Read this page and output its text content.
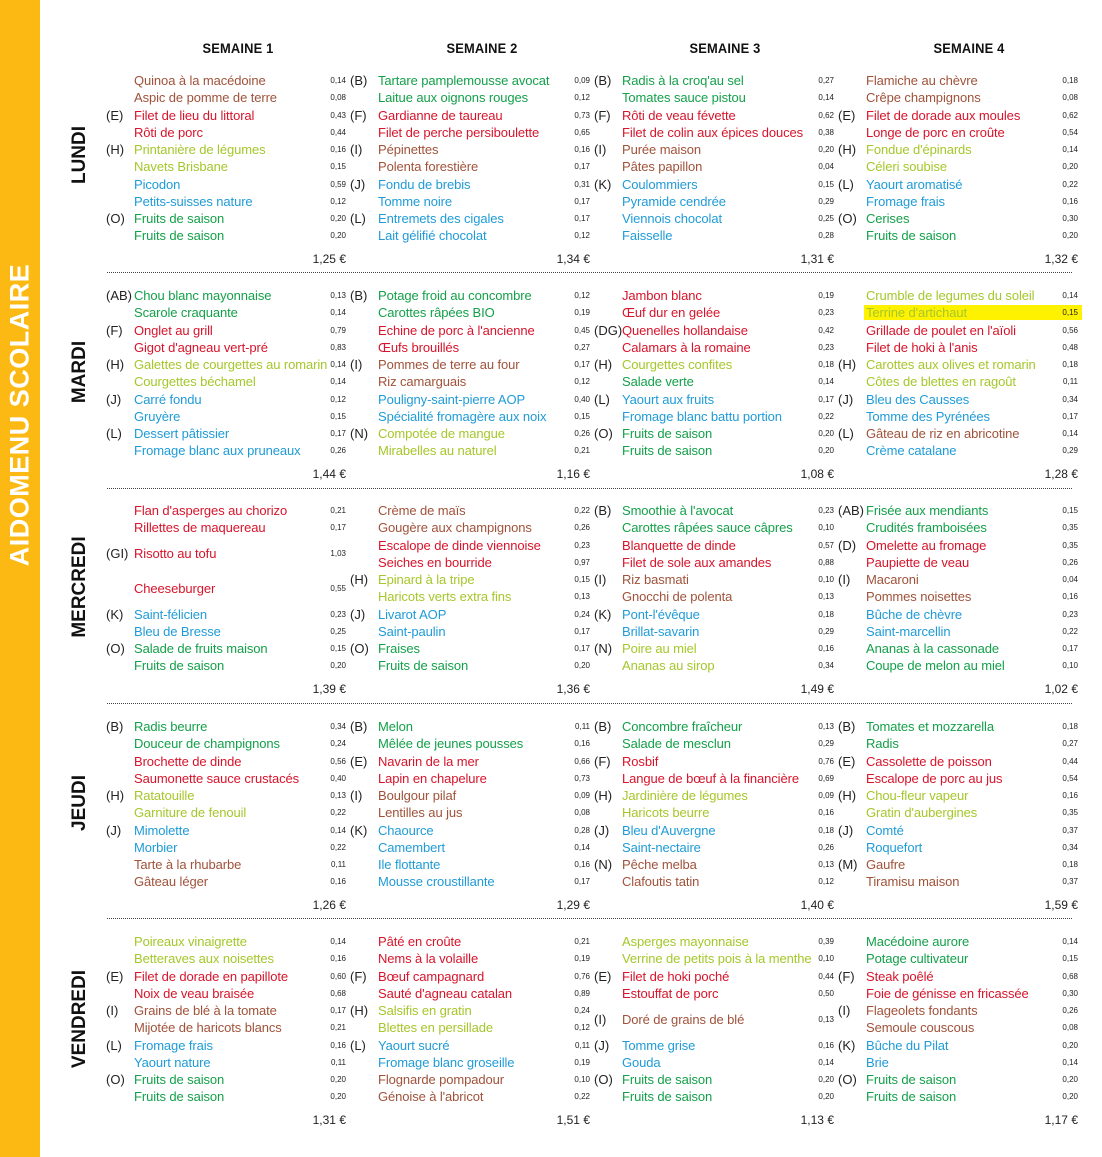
AIDOMENU SCOLAIRE
SEMAINE 1	SEMAINE 2	SEMAINE 3	SEMAINE 4
LUNDI
Quinoa à la macédoine	0,14
Aspic de pomme de terre	0,08
(E) Filet de lieu du littoral	0,43
Rôti de porc	0,44
(H) Printanière de légumes	0,16
Navets Brisbane	0,15
Picodon	0,59
Petits-suisses nature	0,12
(O) Fruits de saison	0,20
Fruits de saison	0,20
1,25 €
(B) Tartare pamplemousse avocat	0,09
Laitue aux oignons rouges	0,12
(F) Gardianne de taureau	0,73
Filet de perche persiboulette	0,65
(I) Pépinettes	0,16
Polenta forestière	0,17
(J) Fondu de brebis	0,31
Tomme noire	0,17
(L) Entremets des cigales	0,17
Lait gélifié chocolat	0,12
1,34 €
(B) Radis à la croq'au sel	0,27
Tomates sauce pistou	0,14
(F) Rôti de veau févette	0,62
Filet de colin aux épices douces	0,38
(I) Purée maison	0,20
Pâtes papillon	0,04
(K) Coulommiers	0,15
Pyramide cendrée	0,29
Viennois chocolat	0,25
Faisselle	0,28
1,31 €
Flamiche au chèvre	0,18
Crêpe champignons	0,08
(E) Filet de dorade aux moules	0,62
Longe de porc en croûte	0,54
(H) Fondue d'épinards	0,14
Céleri soubise	0,20
(L) Yaourt aromatisé	0,22
Fromage frais	0,16
(O) Cerises	0,30
Fruits de saison	0,20
1,32 €
MARDI
(AB) Chou blanc mayonnaise	0,13
Scarole craquante	0,14
(F) Onglet au grill	0,79
Gigot d'agneau vert-pré	0,83
(H) Galettes de courgettes au romarin 0,14
Courgettes béchamel	0,14
(J) Carré fondu	0,12
Gruyère	0,15
(L) Dessert pâtissier	0,17
Fromage blanc aux pruneaux	0,26
1,44 €
(B) Potage froid au concombre	0,12
Carottes râpées BIO	0,19
Echine de porc à l'ancienne	0,45
Œufs brouillés	0,27
(I) Pommes de terre au four	0,17
Riz camarguais	0,12
Pouligny-saint-pierre AOP	0,40
Spécialité fromagère aux noix	0,15
(N) Compotée de mangue	0,26
Mirabelles au naturel	0,21
1,16 €
Jambon blanc	0,19
Œuf dur en gelée	0,23
(DG) Quenelles hollandaise	0,42
Calamars à la romaine	0,23
(H) Courgettes confites	0,18
Salade verte	0,14
(L) Yaourt aux fruits	0,17
Fromage blanc battu portion	0,22
(O) Fruits de saison	0,20
Fruits de saison	0,20
1,08 €
Crumble de legumes du soleil	0,14
Terrine d'artichaut	0,15
Grillade de poulet en l'aïoli	0,56
Filet de hoki à l'anis	0,48
(H) Carottes aux olives et romarin	0,18
Côtes de blettes en ragoût	0,11
(J) Bleu des Causses	0,34
Tomme des Pyrénées	0,17
(L) Gâteau de riz en abricotine	0,14
Crème catalane	0,29
1,28 €
MERCREDI
Flan d'asperges au chorizo	0,21
Rillettes de maquereau	0,17
(GI) Risotto au tofu	1,03
Cheeseburger	0,55
(K) Saint-félicien	0,23
Bleu de Bresse	0,25
(O) Salade de fruits maison	0,15
Fruits de saison	0,20
1,39 €
Crème de maïs	0,22
Gougère aux champignons	0,26
Escalope de dinde viennoise	0,23
Seiches en bourride	0,97
(H) Epinard à la tripe	0,15
Haricots verts extra fins	0,13
(J) Livarot AOP	0,24
Saint-paulin	0,17
(O) Fraises	0,17
Fruits de saison	0,20
1,36 €
(B) Smoothie à l'avocat	0,23
Carottes râpées sauce câpres	0,10
Blanquette de dinde	0,57
Filet de sole aux amandes	0,88
(I) Riz basmati	0,10
Gnocchi de polenta	0,13
(K) Pont-l'évêque	0,18
Brillat-savarin	0,29
(N) Poire au miel	0,16
Ananas au sirop	0,34
1,49 €
(AB) Frisée aux mendiants	0,15
Crudités framboisées	0,35
(D) Omelette au fromage	0,35
Paupiette de veau	0,26
(I) Macaroni	0,04
Pommes noisettes	0,16
Bûche de chèvre	0,23
Saint-marcellin	0,22
Ananas à la cassonade	0,17
Coupe de melon au miel	0,10
1,02 €
JEUDI
(B) Radis beurre	0,34
Douceur de champignons	0,24
Brochette de dinde	0,56
Saumonette sauce crustacés	0,40
(H) Ratatouille	0,13
Garniture de fenouil	0,22
(J) Mimolette	0,14
Morbier	0,22
Tarte à la rhubarbe	0,11
Gâteau léger	0,16
1,26 €
(B) Melon	0,11
Mêlée de jeunes pousses	0,16
(E) Navarin de la mer	0,66
Lapin en chapelure	0,73
(I) Boulgour pilaf	0,09
Lentilles au jus	0,08
(K) Chaource	0,28
Camembert	0,14
Ile flottante	0,16
Mousse croustillante	0,17
1,29 €
(B) Concombre fraîcheur	0,13
Salade de mesclun	0,29
(F) Rosbif	0,76
Langue de bœuf à la financière	0,69
(H) Jardinière de légumes	0,09
Haricots beurre	0,16
(J) Bleu d'Auvergne	0,18
Saint-nectaire	0,26
(N) Pêche melba	0,13
Clafoutis tatin	0,12
1,40 €
(B) Tomates et mozzarella	0,18
Radis	0,27
(E) Cassolette de poisson	0,44
Escalope de porc au jus	0,54
(H) Chou-fleur vapeur	0,16
Gratin d'aubergines	0,35
(J) Comté	0,37
Roquefort	0,34
(M) Gaufre	0,18
Tiramisu maison	0,37
1,59 €
VENDREDI
Poireaux vinaigrette	0,14
Betteraves aux noisettes	0,16
(E) Filet de dorade en papillote	0,60
Noix de veau braisée	0,68
(I) Grains de blé à la tomate	0,17
Mijotée de haricots blancs	0,21
(L) Fromage frais	0,16
Yaourt nature	0,11
(O) Fruits de saison	0,20
Fruits de saison	0,20
1,31 €
Pâté en croûte	0,21
Nems à la volaille	0,19
(F) Bœuf campagnard	0,76
Sauté d'agneau catalan	0,89
(H) Salsifis en gratin	0,24
Blettes en persillade	0,12
(L) Yaourt sucré	0,11
Fromage blanc groseille	0,19
Flognarde pompadour	0,10
Génoise à l'abricot	0,22
1,51 €
Asperges mayonnaise	0,39
Verrine de petits pois à la menthe 0,10
(E) Filet de hoki poché	0,44
Estouffat de porc	0,50
(I) Doré de grains de blé	0,13
(J) Tomme grise	0,16
Gouda	0,14
(O) Fruits de saison	0,20
Fruits de saison	0,20
1,13 €
Macédoine aurore	0,14
Potage cultivateur	0,15
(F) Steak poêlé	0,68
Foie de génisse en fricassée	0,30
(I) Flageolets fondants	0,26
Semoule couscous	0,08
(K) Bûche du Pilat	0,20
Brie	0,14
(O) Fruits de saison	0,20
Fruits de saison	0,20
1,17 €
